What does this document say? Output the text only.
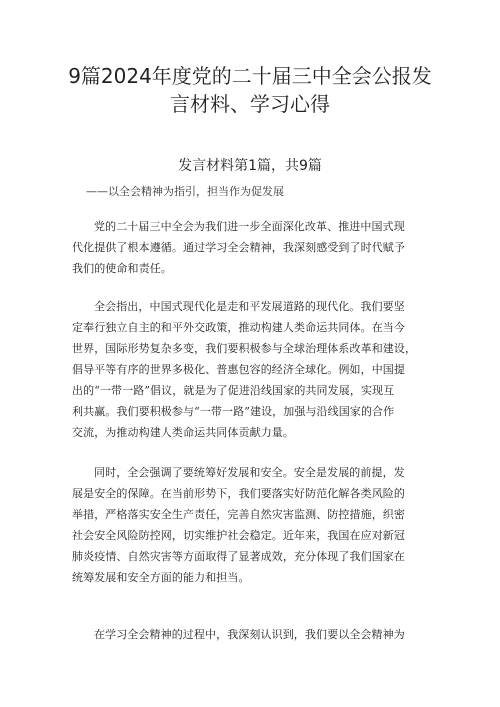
9篇2024年度党的二十届三中全会公报发
言材料、学习心得
发言材料第1篇，共9篇

——以全会精神为指引，担当作为促发展

党的二十届三中全会为我们进一步全面深化改革、推进中国式现
代化提供了根本遵循。通过学习全会精神，我深刻感受到了时代赋予
我们的使命和责任。

全会指出，中国式现代化是走和平发展道路的现代化。我们要坚
定奉行独立自主的和平外交政策，推动构建人类命运共同体。在当今
世界，国际形势复杂多变，我们要积极参与全球治理体系改革和建设，
倡导平等有序的世界多极化、普惠包容的经济全球化。例如，中国提
出的“一带一路”倡议，就是为了促进沿线国家的共同发展，实现互
利共赢。我们要积极参与“一带一路”建设，加强与沿线国家的合作
交流，为推动构建人类命运共同体贡献力量。

同时，全会强调了要统筹好发展和安全。安全是发展的前提，发
展是安全的保障。在当前形势下，我们要落实好防范化解各类风险的
举措，严格落实安全生产责任，完善自然灾害监测、防控措施，织密
社会安全风险防控网，切实维护社会稳定。近年来，我国在应对新冠
肺炎疫情、自然灾害等方面取得了显著成效，充分体现了我们国家在
统筹发展和安全方面的能力和担当。

在学习全会精神的过程中，我深刻认识到，我们要以全会精神为
